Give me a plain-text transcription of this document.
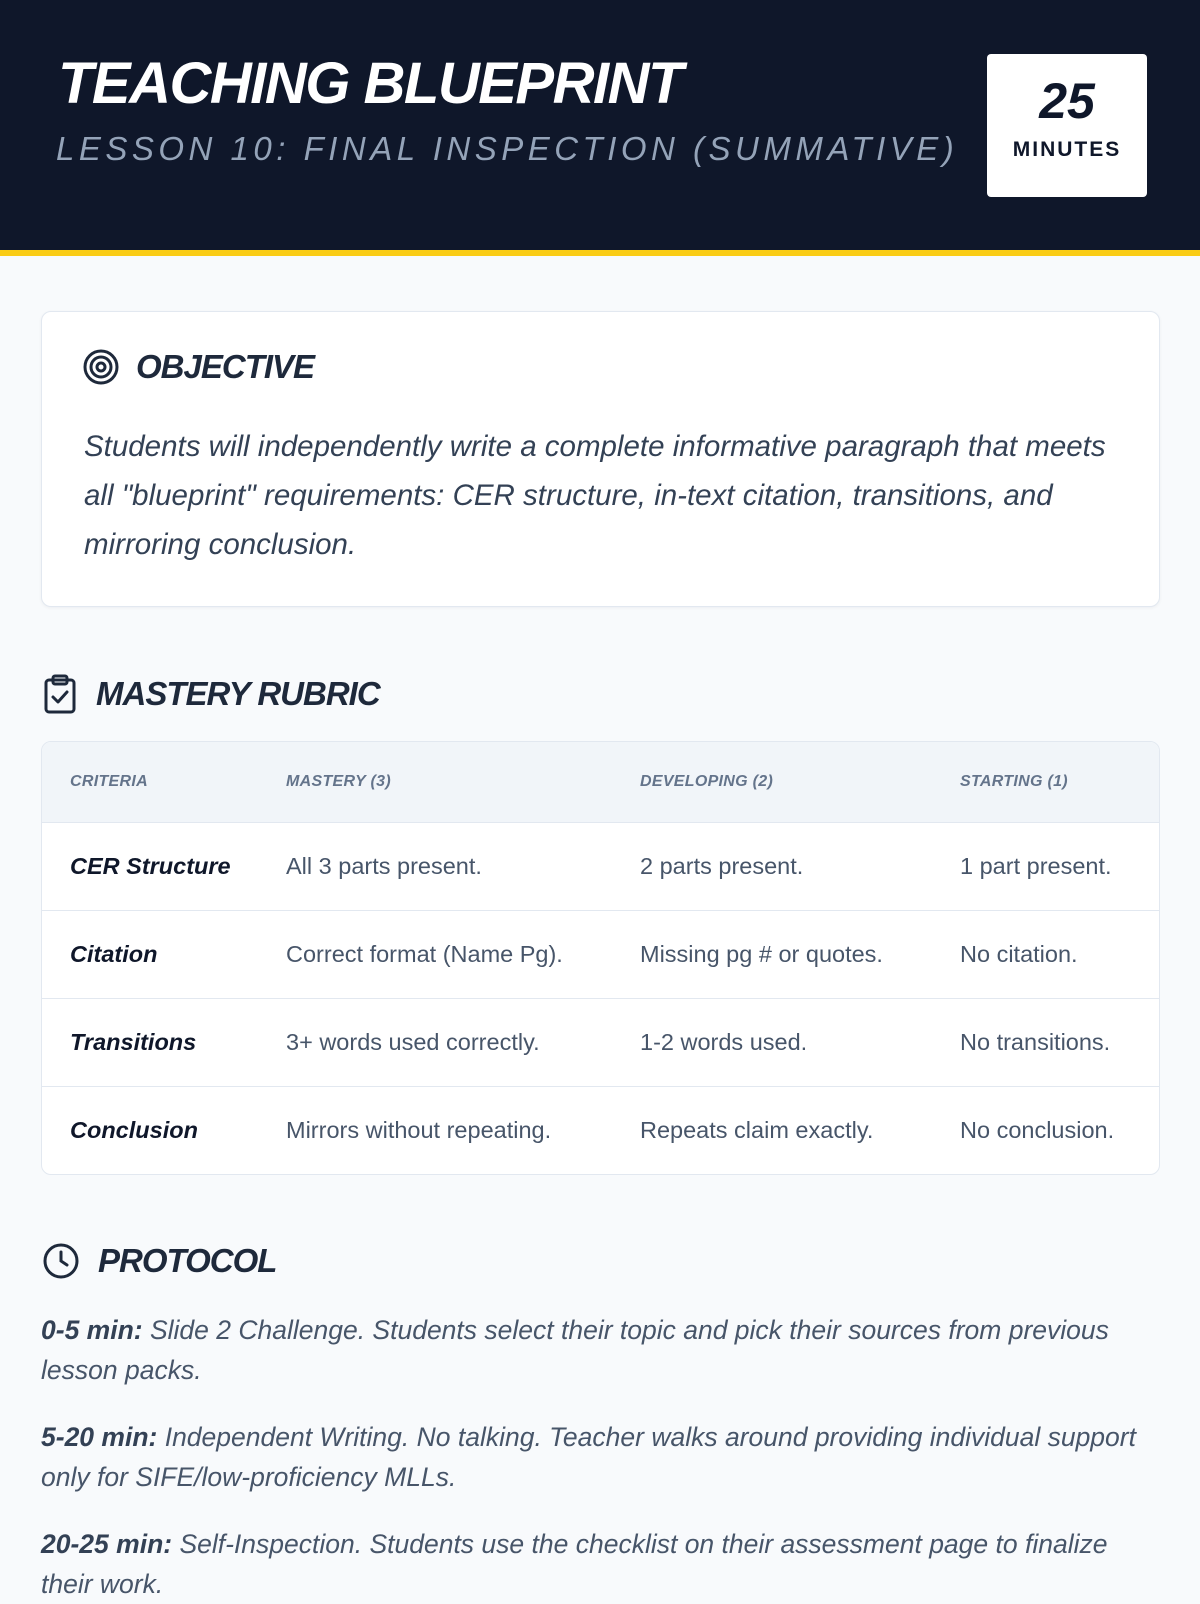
TEACHING BLUEPRINT
LESSON 10: FINAL INSPECTION (SUMMATIVE)
25
MINUTES
OBJECTIVE

Students will independently write a complete informative paragraph that meets all "blueprint" requirements: CER structure, in-text citation, transitions, and mirroring conclusion.

MASTERY RUBRIC
CRITERIA	MASTERY (3)	DEVELOPING (2)	STARTING (1)
CER Structure	All 3 parts present.	2 parts present.	1 part present.
Citation	Correct format (Name Pg).	Missing pg # or quotes.	No citation.
Transitions	3+ words used correctly.	1-2 words used.	No transitions.
Conclusion	Mirrors without repeating.	Repeats claim exactly.	No conclusion.
PROTOCOL

0-5 min: Slide 2 Challenge. Students select their topic and pick their sources from previous lesson packs.

5-20 min: Independent Writing. No talking. Teacher walks around providing individual support only for SIFE/low-proficiency MLLs.

20-25 min: Self-Inspection. Students use the checklist on their assessment page to finalize their work.
